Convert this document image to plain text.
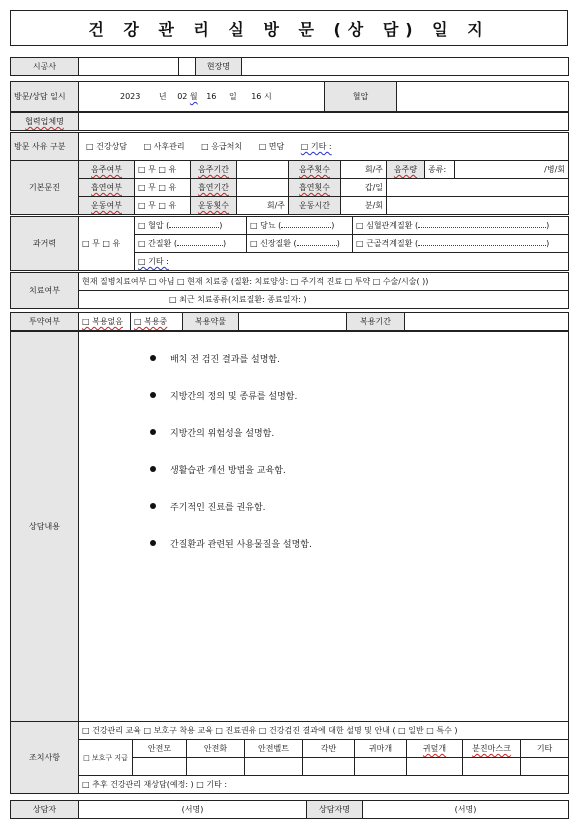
건 강 관 리 실 방 문 (상 담) 일 지
시공사			현장명	
방문/상담 일시	2023 년 02 월 16 일 16 시	혈압	
협력업체명	
방문 사유 구분	□ 건강상담 □ 사후관리 □ 응급처치 □ 면담 □ 기타 :
기본문진	음주여부	□ 무 □ 유	음주기간		음주횟수	회/주	음주량	종류:	/병/회
	흡연여부	□ 무 □ 유	흡연기간		흡연횟수	갑/일			
	운동여부	□ 무 □ 유	운동횟수	회/주	운동시간	분/회			
과거력	□ 무 □ 유	□ 혈압 ( )	□ 당뇨 ( )	□ 심혈관계질환 ( )
		□ 간질환 ( )	□ 신장질환 ( )	□ 근골격계질환 ( )
		□ 기타 :		
치료여부	현재 질병치료여부 □ 아님 □ 현재 치료중 (질환: 치료양상: □ 주기적 진료 □ 투약 □ 수술/시술( ))
□ 최근 치료종류(치료질환: 종료일자: )
투약여부	□ 복용없음	□ 복용중	복용약물		복용기간	
상담내용	
배치 전 검진 결과를 설명함.
지방간의 정의 및 종류를 설명함.
지방간의 위험성을 설명함.
생활습관 개선 방법을 교육함.
주기적인 진료를 권유함.
간질환과 관련된 사용물질을 설명함.
조치사항	□ 건강관리 교육 □ 보호구 착용 교육 □ 진료권유 □ 건강검진 결과에 대한 설명 및 안내 ( □ 일반 □ 특수 )								
	□ 보호구 지급	안전모	안전화	안전벨트	각반	귀마개	귀덮개	분진마스크	기타

	□ 추후 건강관리 재상담(예정: ) □ 기타 :								
상담자	(서명)	상담자명	(서명)
